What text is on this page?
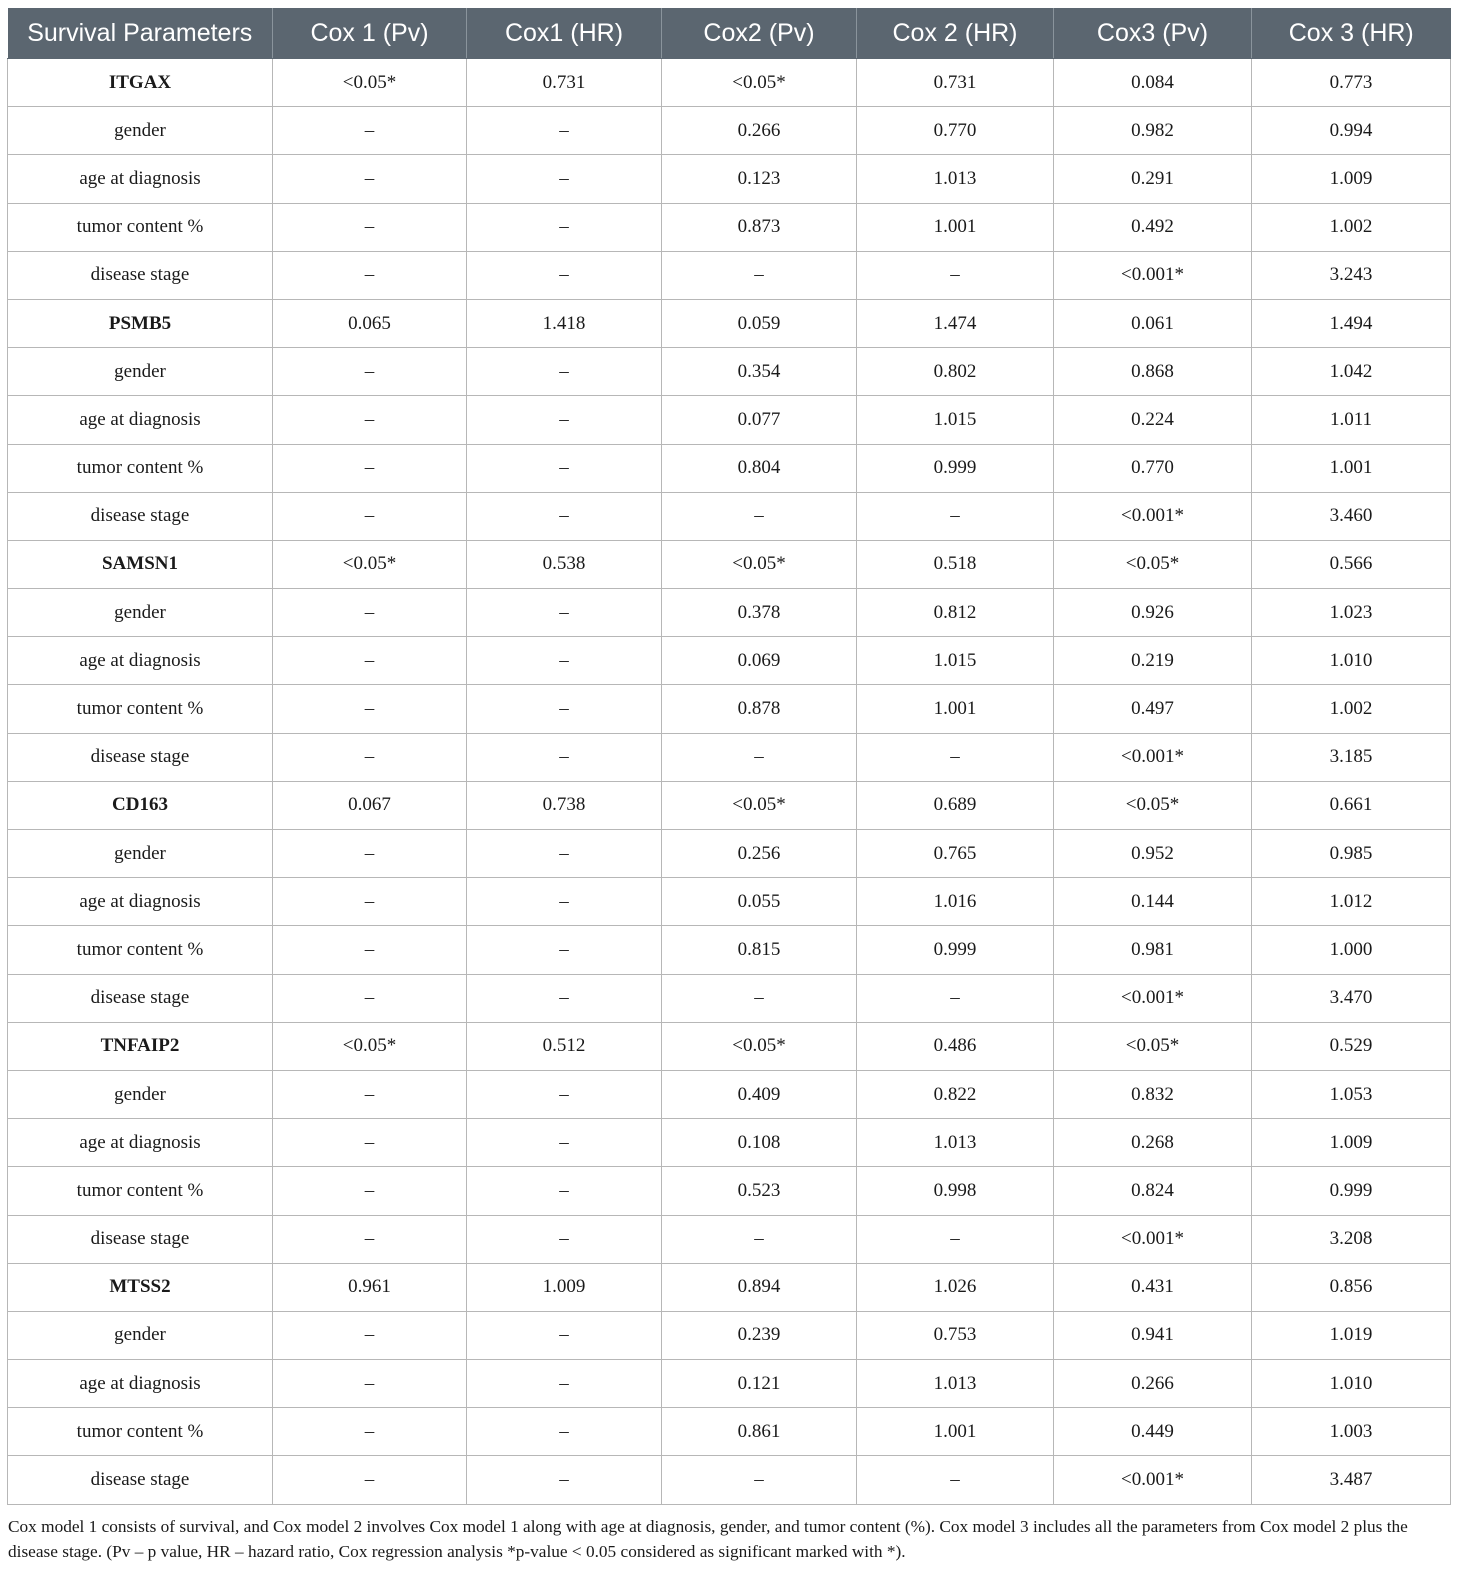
Survival Parameters	Cox 1 (Pv)	Cox1 (HR)	Cox2 (Pv)	Cox 2 (HR)	Cox3 (Pv)	Cox 3 (HR)
ITGAX	<0.05*	0.731	<0.05*	0.731	0.084	0.773
gender	–	–	0.266	0.770	0.982	0.994
age at diagnosis	–	–	0.123	1.013	0.291	1.009
tumor content %	–	–	0.873	1.001	0.492	1.002
disease stage	–	–	–	–	<0.001*	3.243
PSMB5	0.065	1.418	0.059	1.474	0.061	1.494
gender	–	–	0.354	0.802	0.868	1.042
age at diagnosis	–	–	0.077	1.015	0.224	1.011
tumor content %	–	–	0.804	0.999	0.770	1.001
disease stage	–	–	–	–	<0.001*	3.460
SAMSN1	<0.05*	0.538	<0.05*	0.518	<0.05*	0.566
gender	–	–	0.378	0.812	0.926	1.023
age at diagnosis	–	–	0.069	1.015	0.219	1.010
tumor content %	–	–	0.878	1.001	0.497	1.002
disease stage	–	–	–	–	<0.001*	3.185
CD163	0.067	0.738	<0.05*	0.689	<0.05*	0.661
gender	–	–	0.256	0.765	0.952	0.985
age at diagnosis	–	–	0.055	1.016	0.144	1.012
tumor content %	–	–	0.815	0.999	0.981	1.000
disease stage	–	–	–	–	<0.001*	3.470
TNFAIP2	<0.05*	0.512	<0.05*	0.486	<0.05*	0.529
gender	–	–	0.409	0.822	0.832	1.053
age at diagnosis	–	–	0.108	1.013	0.268	1.009
tumor content %	–	–	0.523	0.998	0.824	0.999
disease stage	–	–	–	–	<0.001*	3.208
MTSS2	0.961	1.009	0.894	1.026	0.431	0.856
gender	–	–	0.239	0.753	0.941	1.019
age at diagnosis	–	–	0.121	1.013	0.266	1.010
tumor content %	–	–	0.861	1.001	0.449	1.003
disease stage	–	–	–	–	<0.001*	3.487
Cox model 1 consists of survival, and Cox model 2 involves Cox model 1 along with age at diagnosis, gender, and tumor content (%). Cox model 3 includes all the parameters from Cox model 2 plus the disease stage. (Pv – p value, HR – hazard ratio, Cox regression analysis *p-value < 0.05 considered as significant marked with *).
